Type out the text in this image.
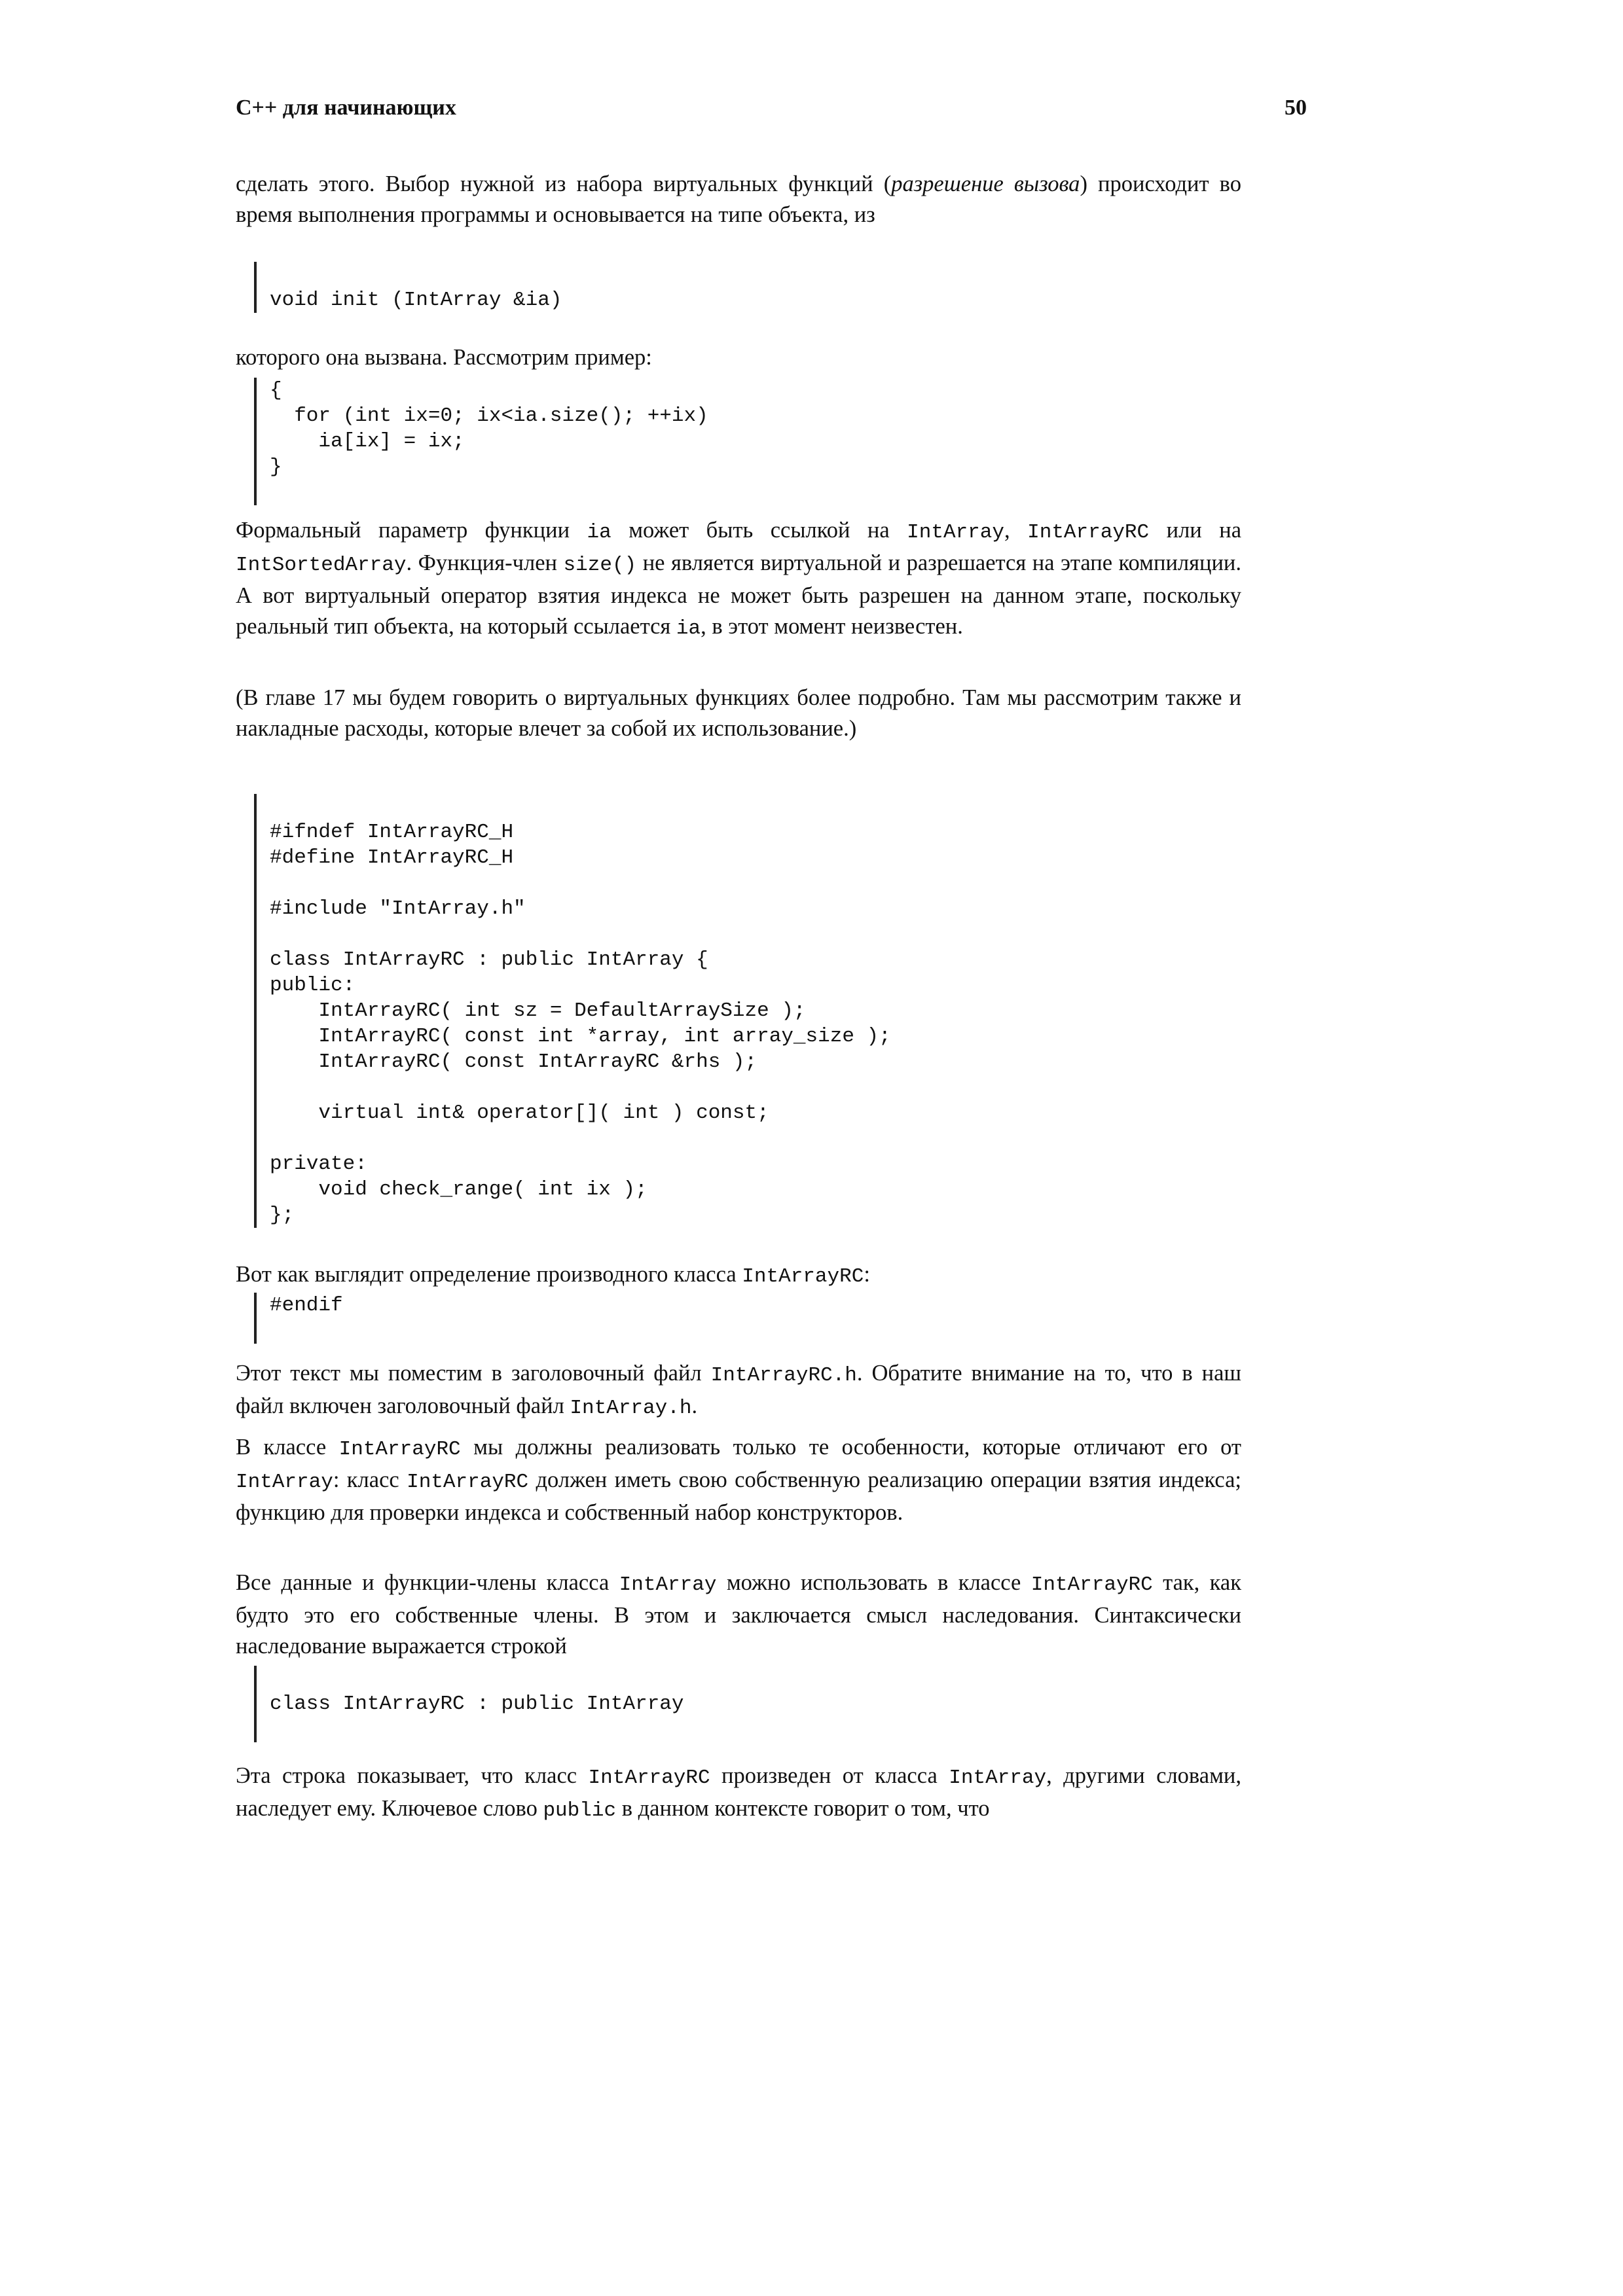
C++ для начинающих	50
сделать этого. Выбор нужной из набора виртуальных функций (разрешение вызова) происходит во время выполнения программы и основывается на типе объекта, из
void init (IntArray &ia)
которого она вызвана. Рассмотрим пример:
{
for (int ix=0; ix<ia.size(); ++ix)
ia[ix] = ix;
}
Формальный параметр функции ia может быть ссылкой на IntArray, IntArrayRC или на IntSortedArray. Функция-член size() не является виртуальной и разрешается на этапе компиляции. А вот виртуальный оператор взятия индекса не может быть разрешен на данном этапе, поскольку реальный тип объекта, на который ссылается ia, в этот момент неизвестен.
(В главе 17 мы будем говорить о виртуальных функциях более подробно. Там мы рассмотрим также и накладные расходы, которые влечет за собой их использование.)
#ifndef IntArrayRC_H
#define IntArrayRC_H
#include "IntArray.h"
class IntArrayRC : public IntArray {
public:
IntArrayRC( int sz = DefaultArraySize );
IntArrayRC( const int *array, int array_size );
IntArrayRC( const IntArrayRC &rhs );
virtual int& operator[]( int ) const;
private:
void check_range( int ix );
};
Вот как выглядит определение производного класса IntArrayRC:
#endif
Этот текст мы поместим в заголовочный файл IntArrayRC.h. Обратите внимание на то, что в наш файл включен заголовочный файл IntArray.h.
В классе IntArrayRC мы должны реализовать только те особенности, которые отличают его от IntArray: класс IntArrayRC должен иметь свою собственную реализацию операции взятия индекса; функцию для проверки индекса и собственный набор конструкторов.
Все данные и функции-члены класса IntArray можно использовать в классе IntArrayRC так, как будто это его собственные члены. В этом и заключается смысл наследования. Синтаксически наследование выражается строкой
class IntArrayRC : public IntArray
Эта строка показывает, что класс IntArrayRC произведен от класса IntArray, другими словами, наследует ему. Ключевое слово public в данном контексте говорит о том, что
